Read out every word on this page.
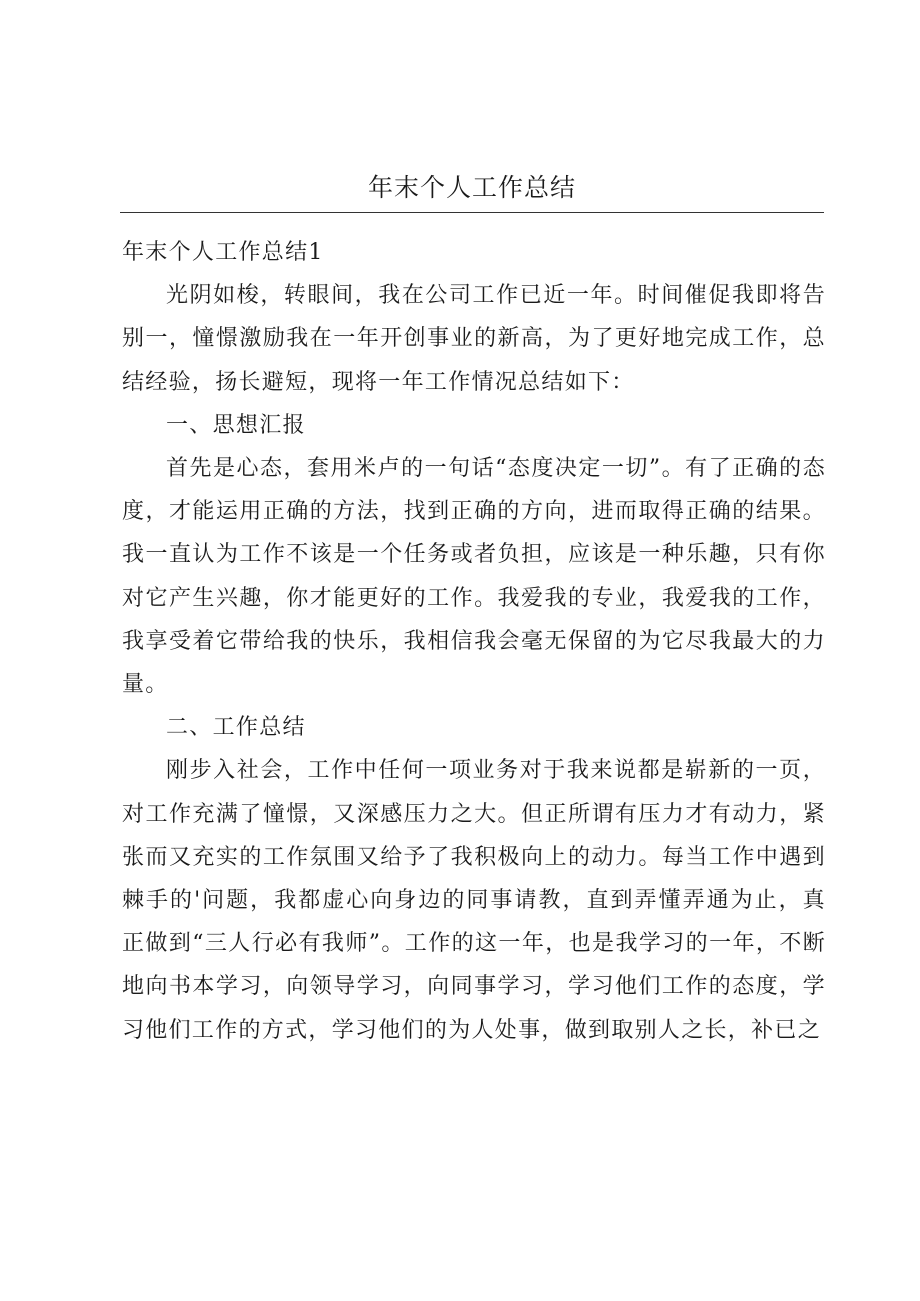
年末个人工作总结

年末个人工作总结1

光阴如梭，转眼间，我在公司工作已近一年。时间催促我即将告别一，憧憬激励我在一年开创事业的新高，为了更好地完成工作，总结经验，扬长避短，现将一年工作情况总结如下：

一、思想汇报

首先是心态，套用米卢的一句话“态度决定一切”。有了正确的态度，才能运用正确的方法，找到正确的方向，进而取得正确的结果。我一直认为工作不该是一个任务或者负担，应该是一种乐趣，只有你对它产生兴趣，你才能更好的工作。我爱我的专业，我爱我的工作，我享受着它带给我的快乐，我相信我会毫无保留的为它尽我最大的力量。

二、工作总结

刚步入社会，工作中任何一项业务对于我来说都是崭新的一页，对工作充满了憧憬，又深感压力之大。但正所谓有压力才有动力，紧张而又充实的工作氛围又给予了我积极向上的动力。每当工作中遇到棘手的'问题，我都虚心向身边的同事请教，直到弄懂弄通为止，真正做到“三人行必有我师”。工作的这一年，也是我学习的一年，不断地向书本学习，向领导学习，向同事学习，学习他们工作的态度，学习他们工作的方式，学习他们的为人处事，做到取别人之长，补已之
